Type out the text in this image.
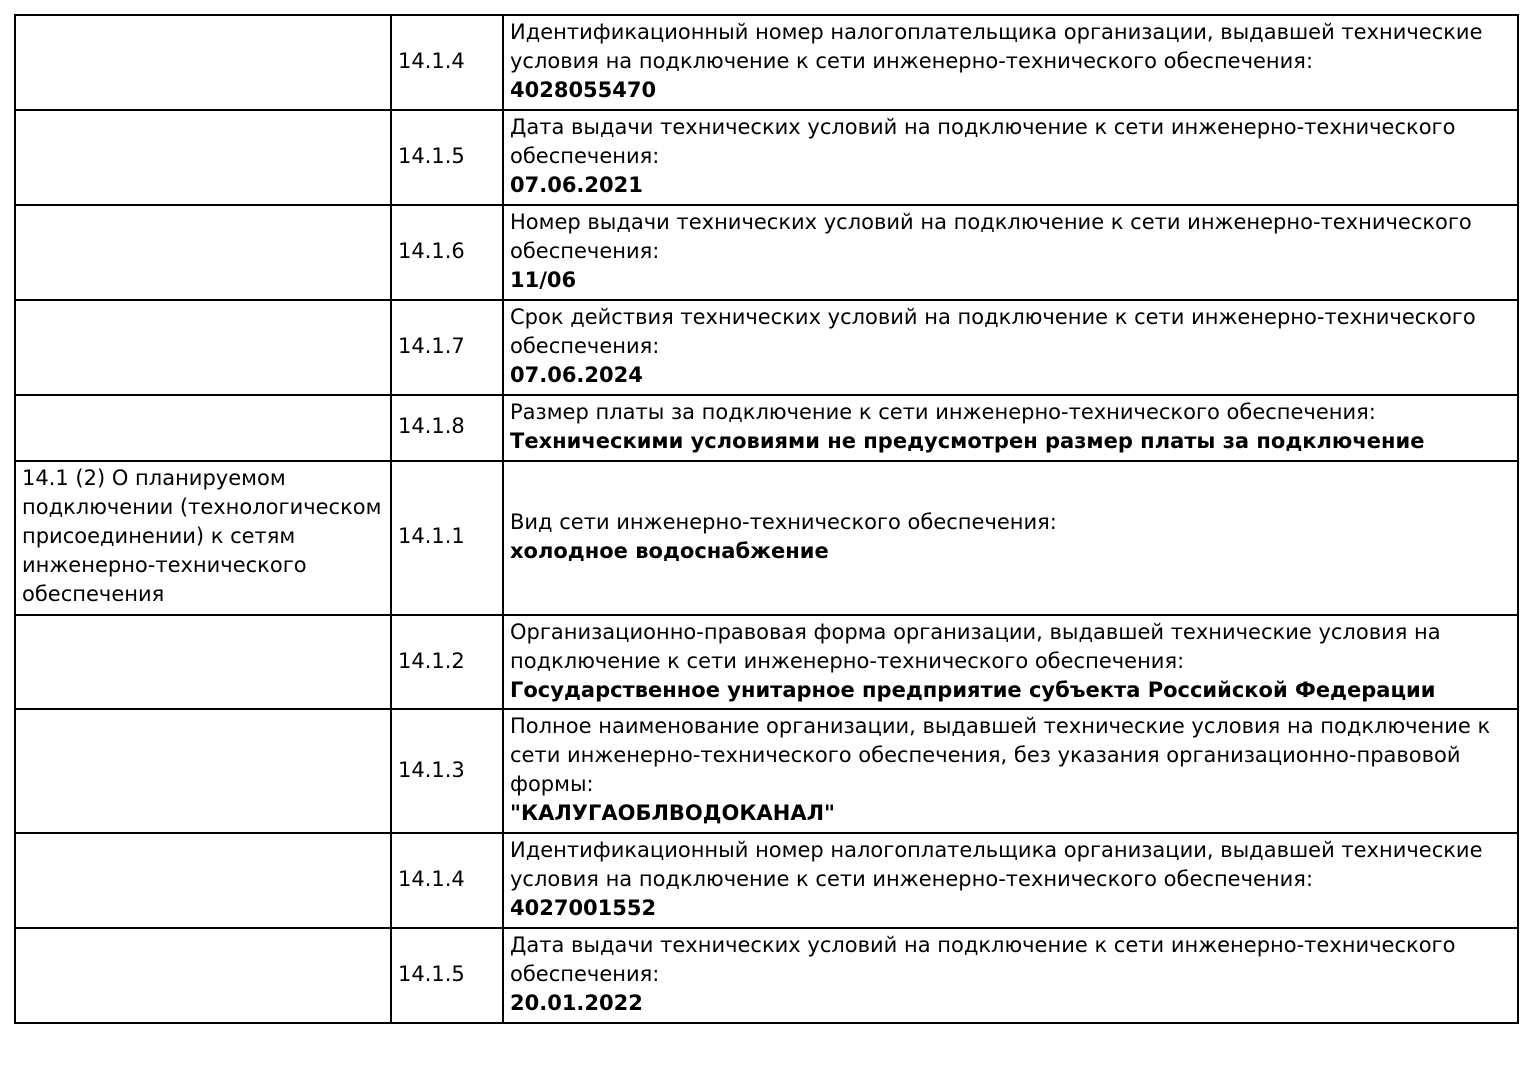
	14.1.4	Идентификационный номер налогоплательщика организации, выдавшей технические условия на подключение к сети инженерно-технического обеспечения:
4028055470

	14.1.5	Дата выдачи технических условий на подключение к сети инженерно-технического обеспечения:
07.06.2021

	14.1.6	Номер выдачи технических условий на подключение к сети инженерно-технического обеспечения:
11/06

	14.1.7	Срок действия технических условий на подключение к сети инженерно-технического обеспечения:
07.06.2024

	14.1.8	Размер платы за подключение к сети инженерно-технического обеспечения:
Техническими условиями не предусмотрен размер платы за подключение

14.1 (2) О планируемом подключении (технологическом присоединении) к сетям инженерно-технического обеспечения	14.1.1	Вид сети инженерно-технического обеспечения:
холодное водоснабжение

	14.1.2	Организационно-правовая форма организации, выдавшей технические условия на подключение к сети инженерно-технического обеспечения:
Государственное унитарное предприятие субъекта Российской Федерации

	14.1.3	Полное наименование организации, выдавшей технические условия на подключение к сети инженерно-технического обеспечения, без указания организационно-правовой формы:
"КАЛУГАОБЛВОДОКАНАЛ"

	14.1.4	Идентификационный номер налогоплательщика организации, выдавшей технические условия на подключение к сети инженерно-технического обеспечения:
4027001552

	14.1.5	Дата выдачи технических условий на подключение к сети инженерно-технического обеспечения:
20.01.2022
